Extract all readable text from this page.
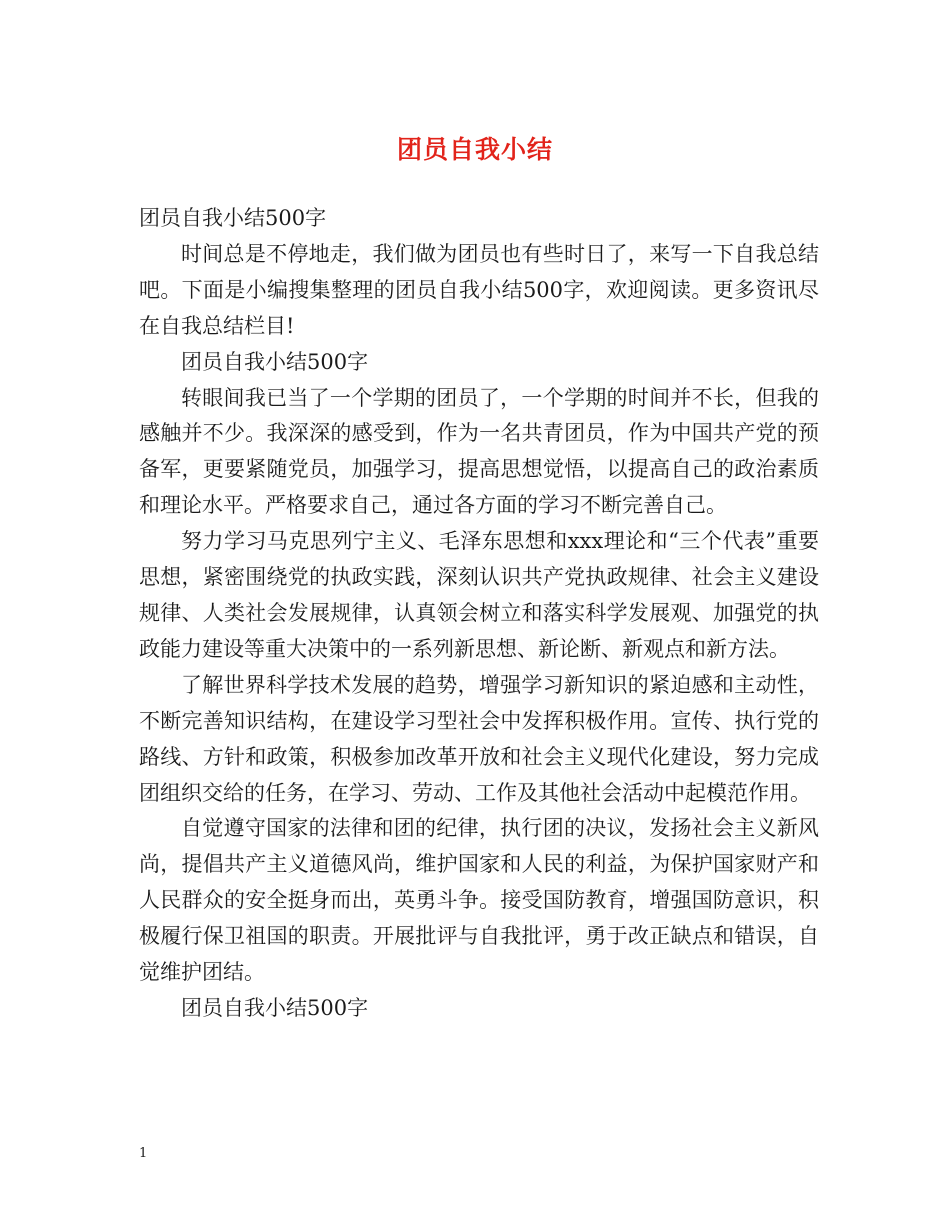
团员自我小结

团员自我小结500字

时间总是不停地走，我们做为团员也有些时日了，来写一下自我总结吧。下面是小编搜集整理的团员自我小结500字，欢迎阅读。更多资讯尽在自我总结栏目!

团员自我小结500字

转眼间我已当了一个学期的团员了，一个学期的时间并不长，但我的感触并不少。我深深的感受到，作为一名共青团员，作为中国共产党的预备军，更要紧随党员，加强学习，提高思想觉悟，以提高自己的政治素质和理论水平。严格要求自己，通过各方面的学习不断完善自己。

努力学习马克思列宁主义、毛泽东思想和xxx理论和“三个代表”重要思想，紧密围绕党的执政实践，深刻认识共产党执政规律、社会主义建设规律、人类社会发展规律，认真领会树立和落实科学发展观、加强党的执政能力建设等重大决策中的一系列新思想、新论断、新观点和新方法。

了解世界科学技术发展的趋势，增强学习新知识的紧迫感和主动性，不断完善知识结构，在建设学习型社会中发挥积极作用。宣传、执行党的路线、方针和政策，积极参加改革开放和社会主义现代化建设，努力完成团组织交给的任务，在学习、劳动、工作及其他社会活动中起模范作用。

自觉遵守国家的法律和团的纪律，执行团的决议，发扬社会主义新风尚，提倡共产主义道德风尚，维护国家和人民的利益，为保护国家财产和人民群众的安全挺身而出，英勇斗争。接受国防教育，增强国防意识，积极履行保卫祖国的职责。开展批评与自我批评，勇于改正缺点和错误，自觉维护团结。

团员自我小结500字

1
